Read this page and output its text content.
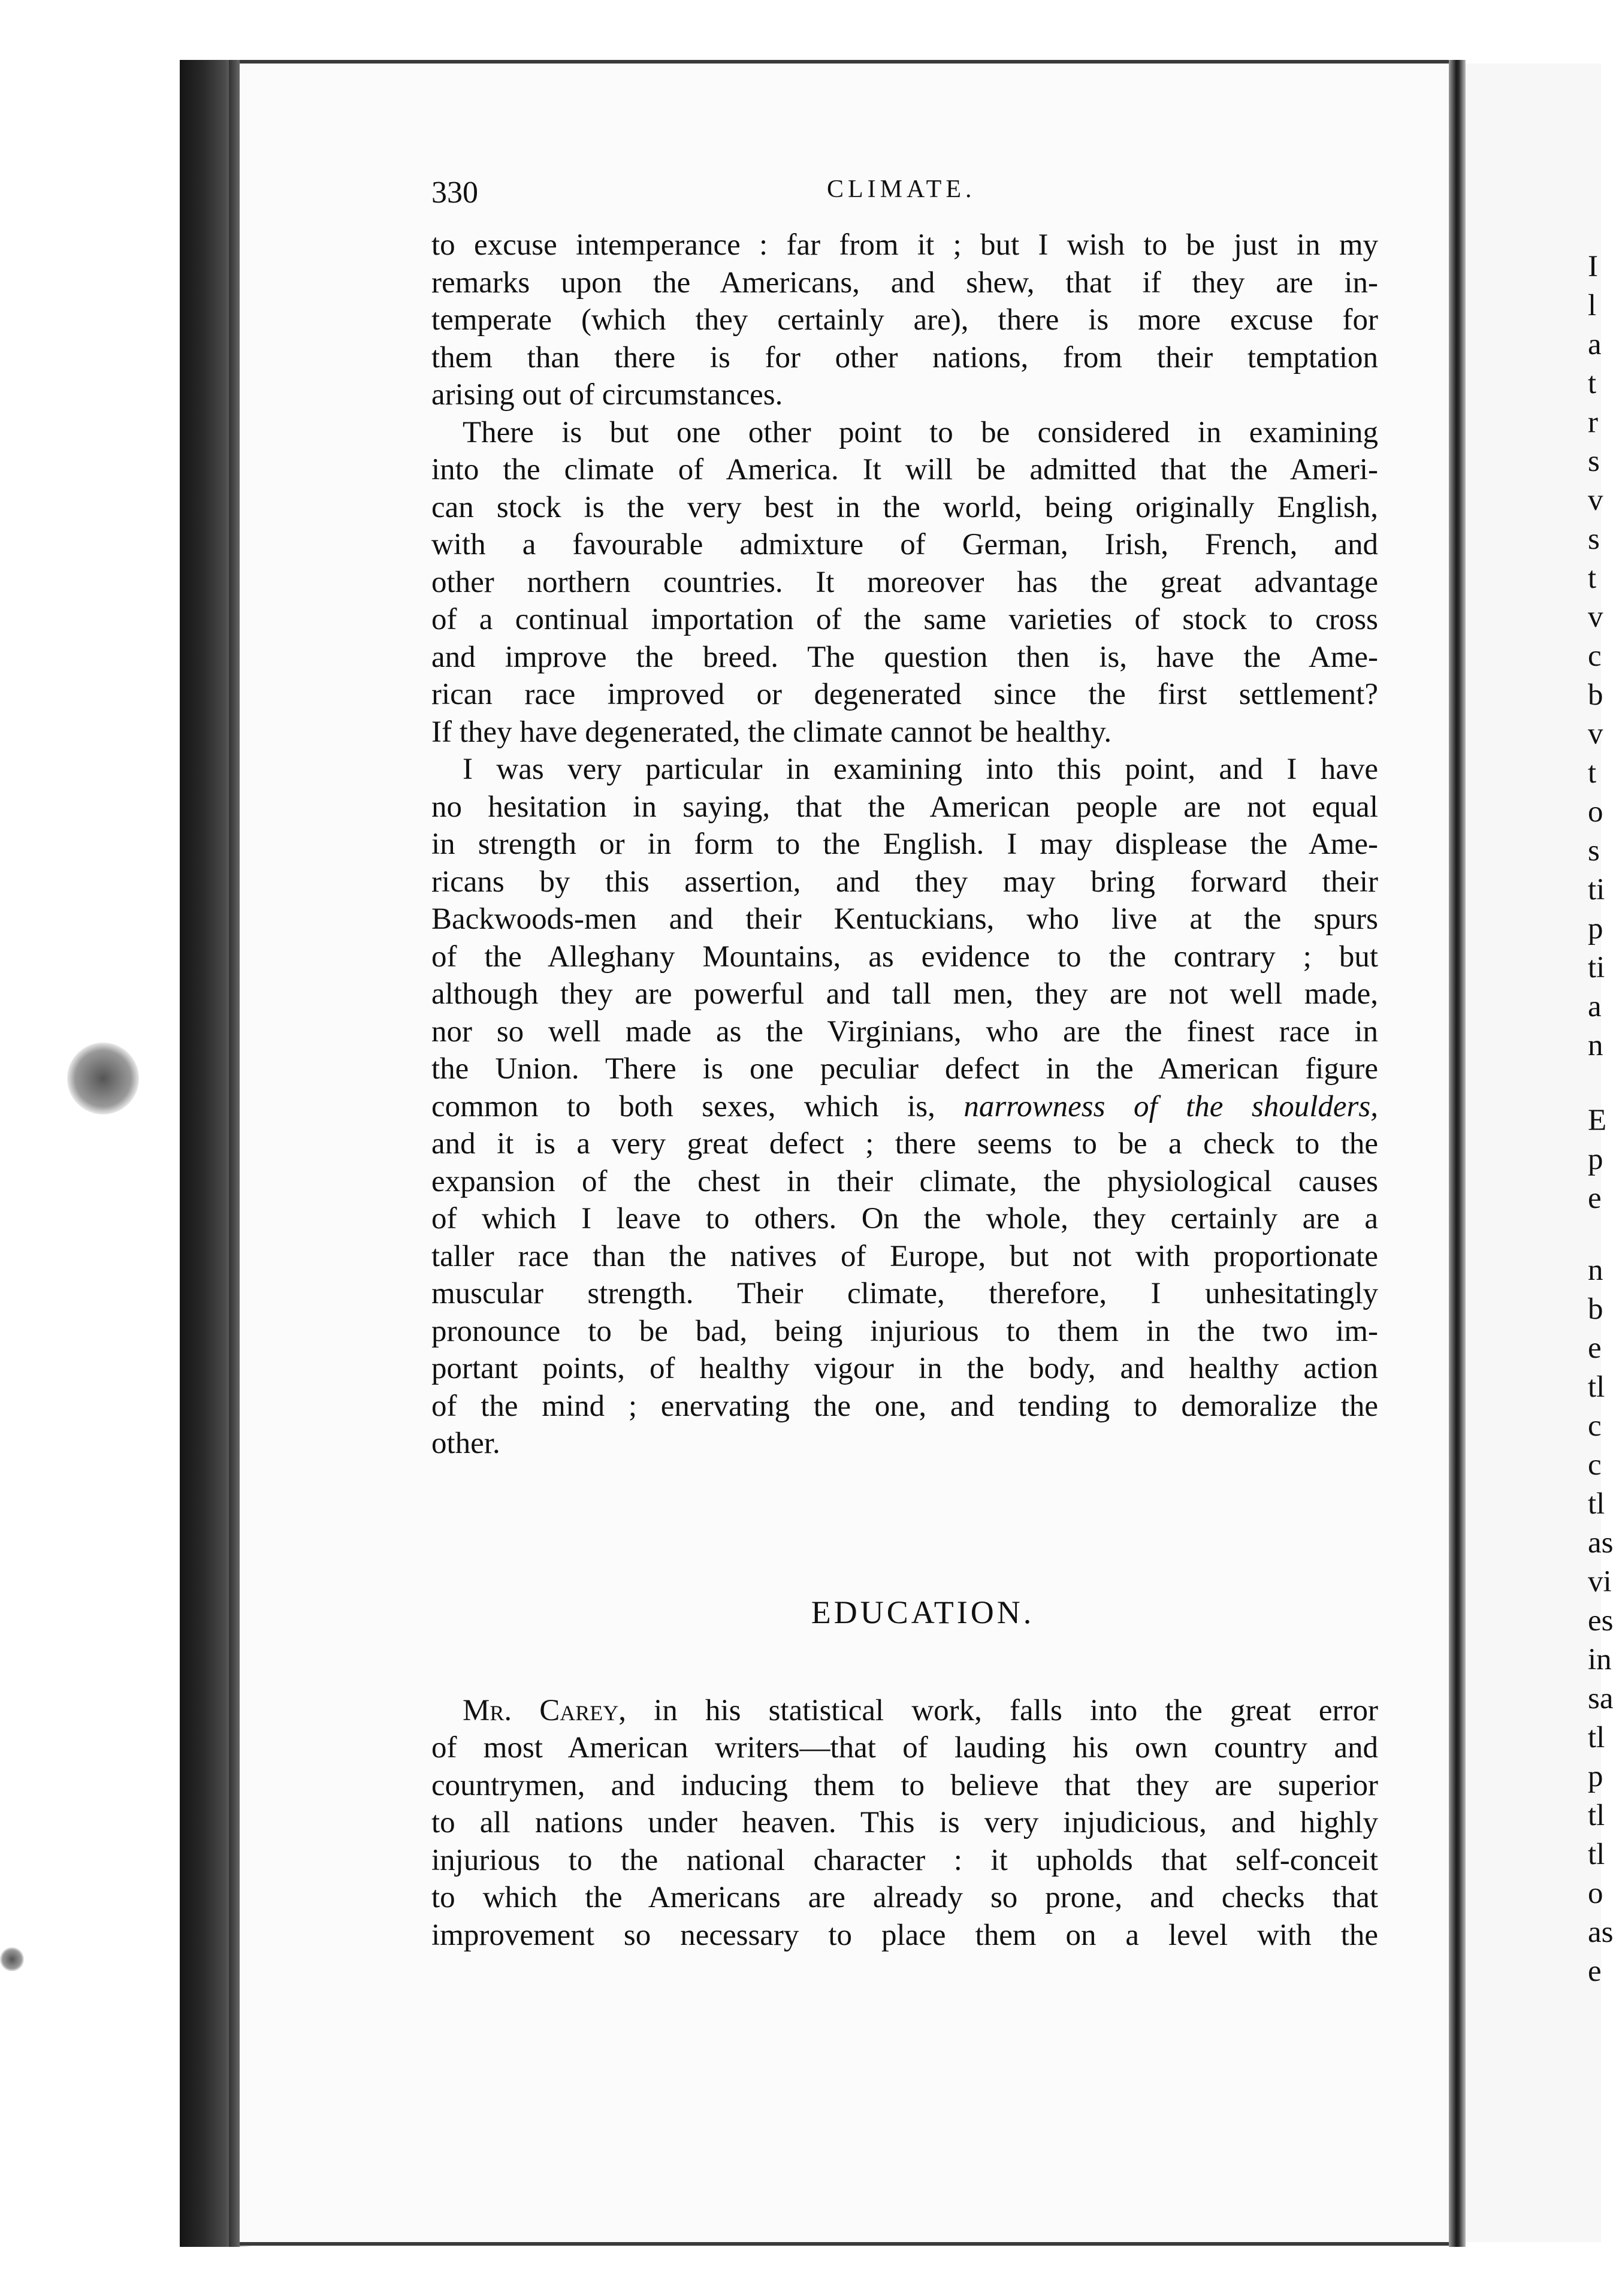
I
l
a
t
r
s
v
s
t
v
c
b
v
t
o
s
ti
p
ti
a
n
E
p
e
n
b
e
tl
c
c
tl
as
vi
es
in
sa
tl
p
tl
tl
o
as
e
330	CLIMATE.
to excuse intemperance : far from it ; but I wish to be just in my
remarks upon the Americans, and shew, that if they are in-
temperate (which they certainly are), there is more excuse for
them than there is for other nations, from their temptation
arising out of circumstances.
There is but one other point to be considered in examining
into the climate of America. It will be admitted that the Ameri-
can stock is the very best in the world, being originally English,
with a favourable admixture of German, Irish, French, and
other northern countries. It moreover has the great advantage
of a continual importation of the same varieties of stock to cross
and improve the breed. The question then is, have the Ame-
rican race improved or degenerated since the first settlement?
If they have degenerated, the climate cannot be healthy.
I was very particular in examining into this point, and I have
no hesitation in saying, that the American people are not equal
in strength or in form to the English. I may displease the Ame-
ricans by this assertion, and they may bring forward their
Backwoods-men and their Kentuckians, who live at the spurs
of the Alleghany Mountains, as evidence to the contrary ; but
although they are powerful and tall men, they are not well made,
nor so well made as the Virginians, who are the finest race in
the Union. There is one peculiar defect in the American figure
common to both sexes, which is, narrowness of the shoulders,
and it is a very great defect ; there seems to be a check to the
expansion of the chest in their climate, the physiological causes
of which I leave to others. On the whole, they certainly are a
taller race than the natives of Europe, but not with proportionate
muscular strength. Their climate, therefore, I unhesitatingly
pronounce to be bad, being injurious to them in the two im-
portant points, of healthy vigour in the body, and healthy action
of the mind ; enervating the one, and tending to demoralize the
other.
EDUCATION.
Mr. Carey, in his statistical work, falls into the great error
of most American writers—that of lauding his own country and
countrymen, and inducing them to believe that they are superior
to all nations under heaven. This is very injudicious, and highly
injurious to the national character : it upholds that self-conceit
to which the Americans are already so prone, and checks that
improvement so necessary to place them on a level with the
